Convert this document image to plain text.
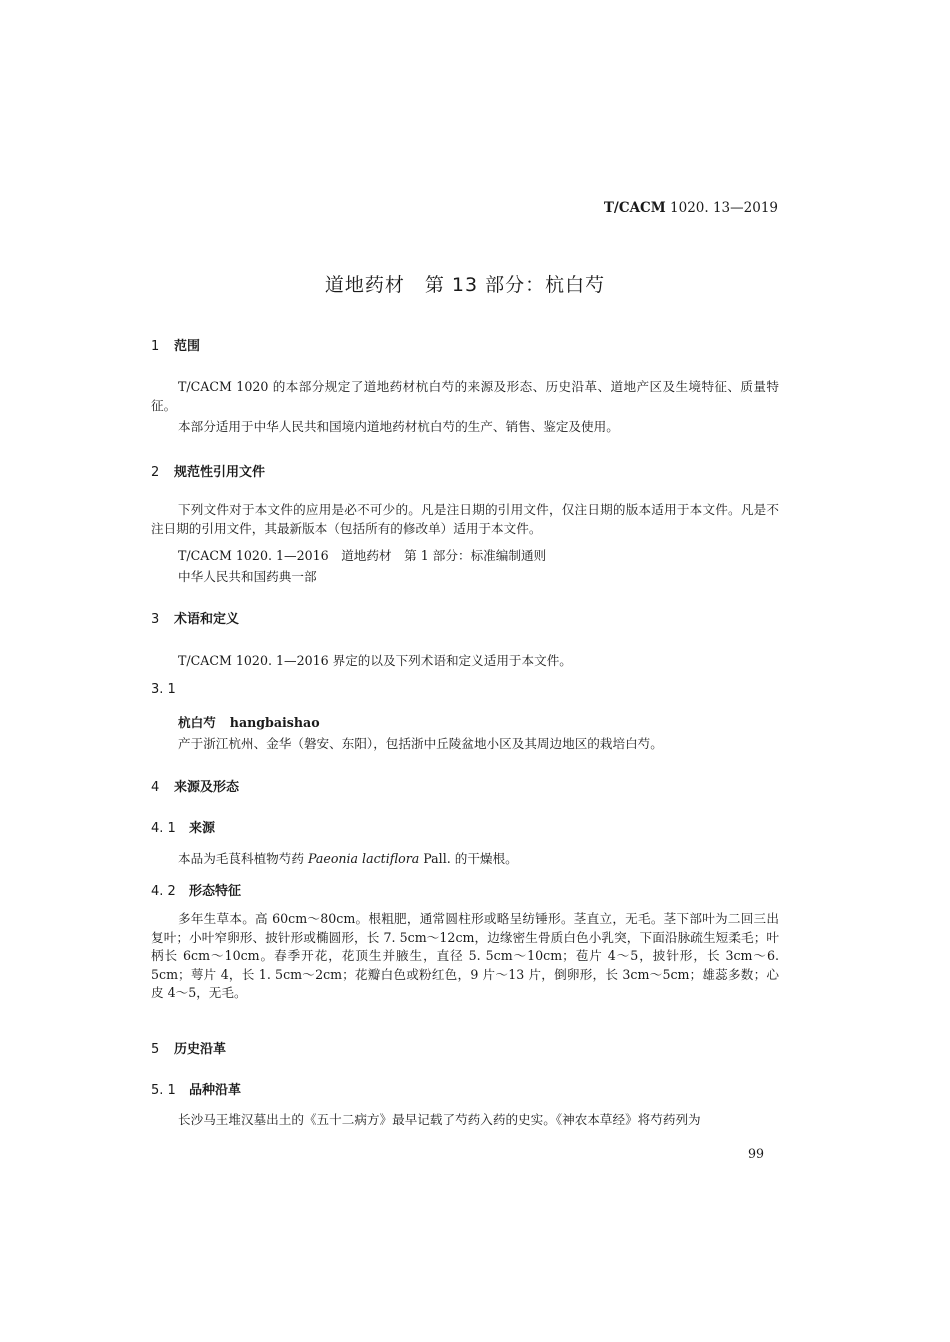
T/CACM 1020. 13—2019
道地药材　第 13 部分：杭白芍
1 范围
T/CACM 1020 的本部分规定了道地药材杭白芍的来源及形态、历史沿革、道地产区及生境特征、质量特征。
本部分适用于中华人民共和国境内道地药材杭白芍的生产、销售、鉴定及使用。
2 规范性引用文件
下列文件对于本文件的应用是必不可少的。凡是注日期的引用文件，仅注日期的版本适用于本文件。凡是不注日期的引用文件，其最新版本（包括所有的修改单）适用于本文件。
T/CACM 1020. 1—2016　道地药材　第 1 部分：标准编制通则
中华人民共和国药典一部
3 术语和定义
T/CACM 1020. 1—2016 界定的以及下列术语和定义适用于本文件。
3. 1
杭白芍 hangbaishao
产于浙江杭州、金华（磐安、东阳），包括浙中丘陵盆地小区及其周边地区的栽培白芍。
4 来源及形态
4. 1 来源
本品为毛茛科植物芍药 Paeonia lactiflora Pall. 的干燥根。
4. 2 形态特征
多年生草本。高 60cm～80cm。根粗肥，通常圆柱形或略呈纺锤形。茎直立，无毛。茎下部叶为二回三出复叶；小叶窄卵形、披针形或椭圆形，长 7. 5cm～12cm，边缘密生骨质白色小乳突，下面沿脉疏生短柔毛；叶柄长 6cm～10cm。春季开花，花顶生并腋生，直径 5. 5cm～10cm；苞片 4～5，披针形，长 3cm～6. 5cm；萼片 4，长 1. 5cm～2cm；花瓣白色或粉红色，9 片～13 片，倒卵形，长 3cm～5cm；雄蕊多数；心皮 4～5，无毛。
5 历史沿革
5. 1 品种沿革
长沙马王堆汉墓出土的《五十二病方》最早记载了芍药入药的史实。《神农本草经》将芍药列为
99
